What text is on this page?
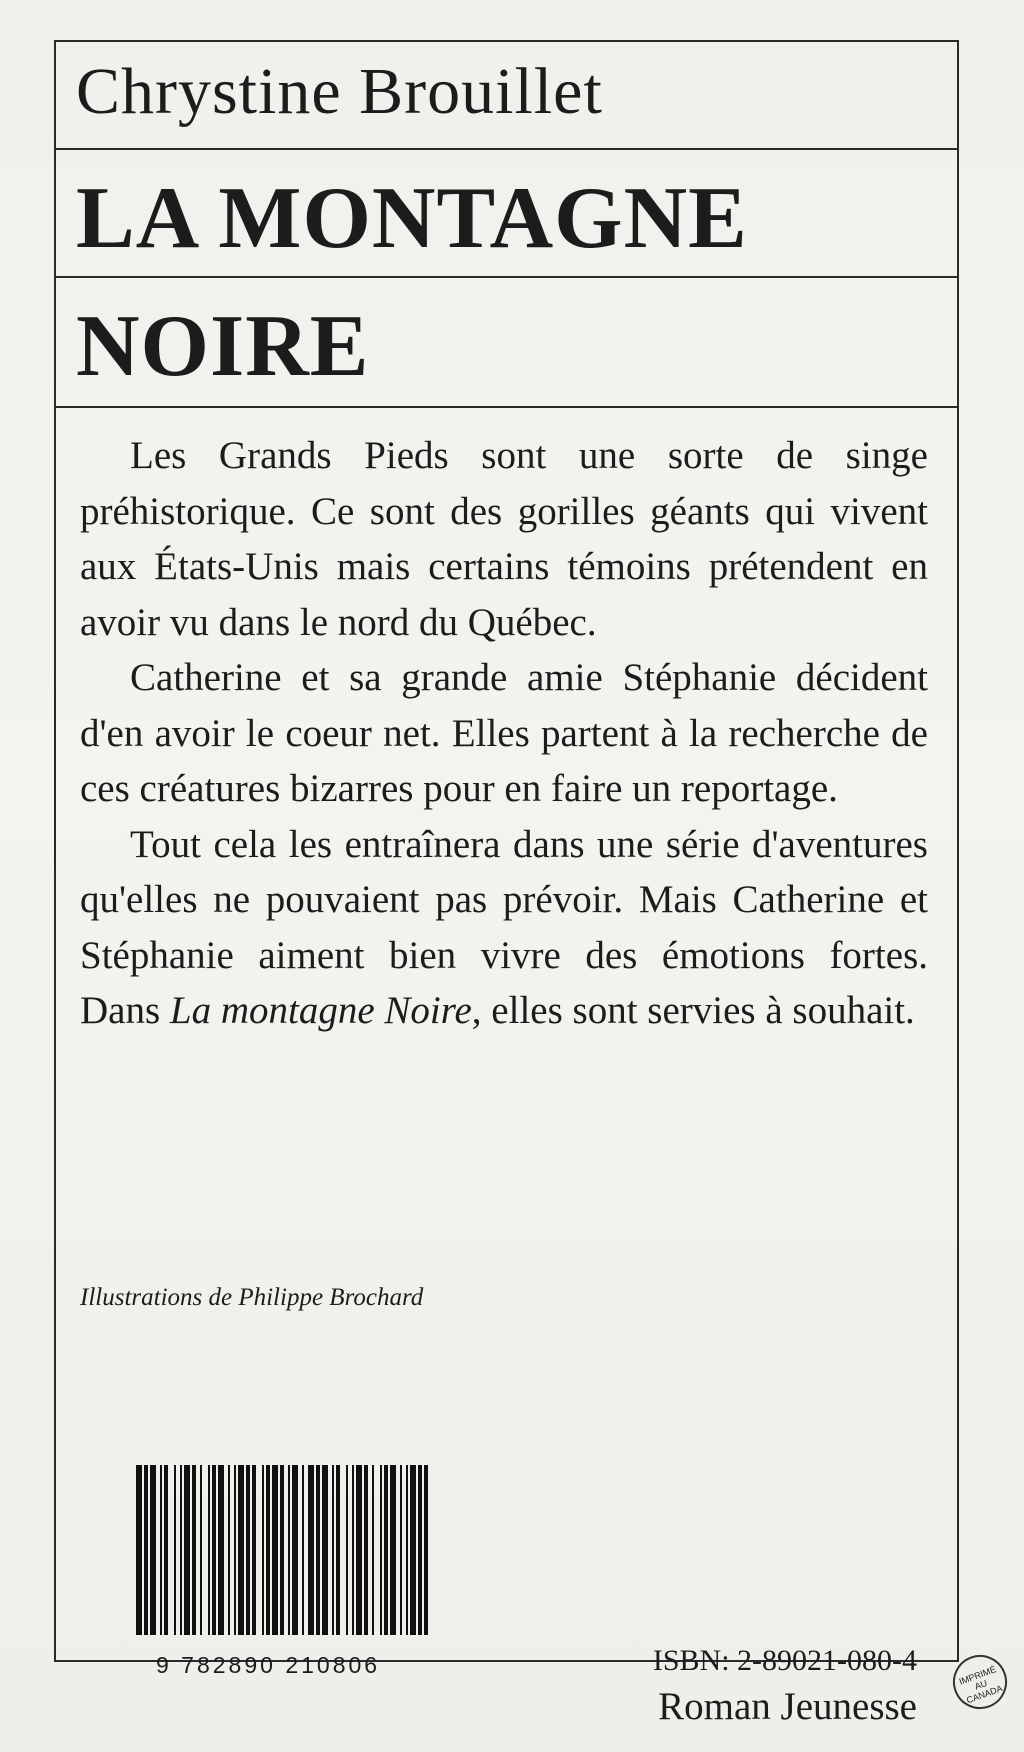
Chrystine Brouillet
LA MONTAGNE
NOIRE

Les Grands Pieds sont une sorte de singe préhistorique. Ce sont des gorilles géants qui vivent aux États-Unis mais certains témoins prétendent en avoir vu dans le nord du Québec.

Catherine et sa grande amie Stéphanie décident d'en avoir le coeur net. Elles partent à la recherche de ces créatures bizarres pour en faire un reportage.

Tout cela les entraînera dans une série d'aventures qu'elles ne pouvaient pas prévoir. Mais Catherine et Stéphanie aiment bien vivre des émotions fortes. Dans La montagne Noire, elles sont servies à souhait.

Illustrations de Philippe Brochard
9 782890 210806	ISBN: 2-89021-080-4
Roman Jeunesse
IMPRIMÉ AU CANADA
